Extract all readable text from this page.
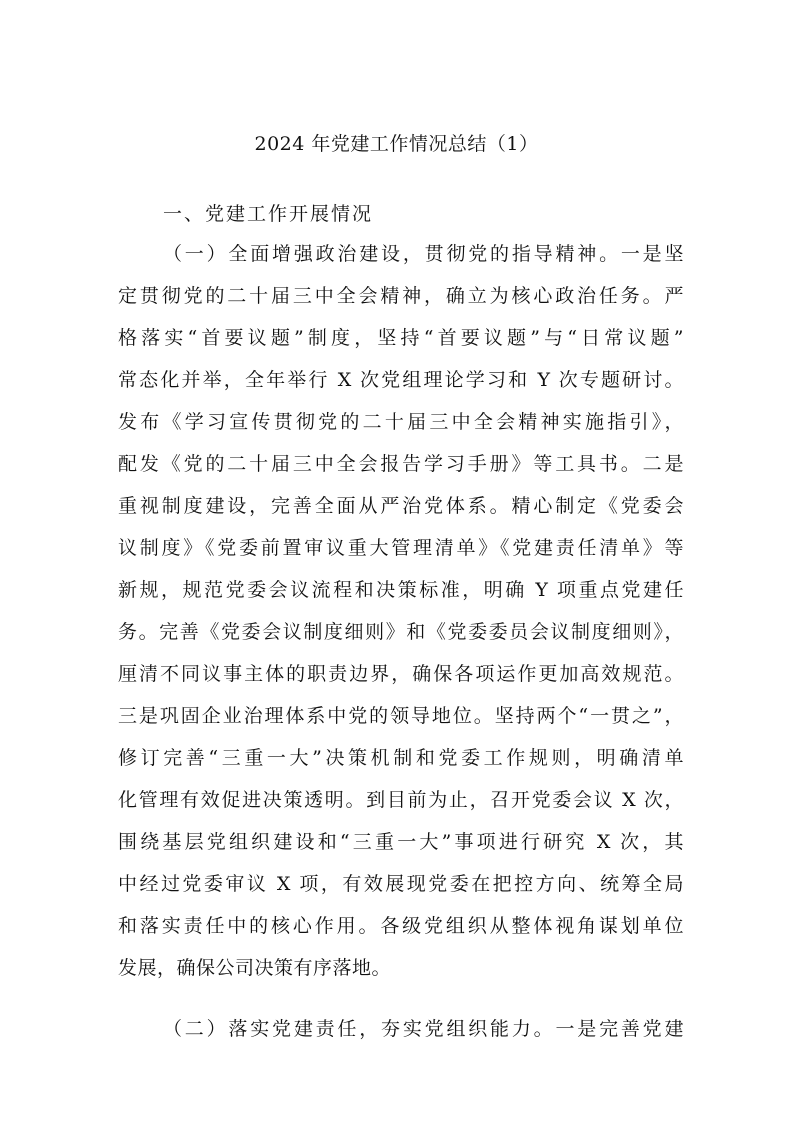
2024 年党建工作情况总结（1）
一、党建工作开展情况
（一）全面增强政治建设，贯彻党的指导精神。一是坚
定贯彻党的二十届三中全会精神，确立为核心政治任务。严
格落实“首要议题”制度，坚持“首要议题”与“日常议题”
常态化并举，全年举行 X 次党组理论学习和 Y 次专题研讨。
发布《学习宣传贯彻党的二十届三中全会精神实施指引》，
配发《党的二十届三中全会报告学习手册》等工具书。二是
重视制度建设，完善全面从严治党体系。精心制定《党委会
议制度》《党委前置审议重大管理清单》《党建责任清单》等
新规，规范党委会议流程和决策标准，明确 Y 项重点党建任
务。完善《党委会议制度细则》和《党委委员会议制度细则》，
厘清不同议事主体的职责边界，确保各项运作更加高效规范。
三是巩固企业治理体系中党的领导地位。坚持两个“一贯之”，
修订完善“三重一大”决策机制和党委工作规则，明确清单
化管理有效促进决策透明。到目前为止，召开党委会议 X 次，
围绕基层党组织建设和“三重一大”事项进行研究 X 次，其
中经过党委审议 X 项，有效展现党委在把控方向、统筹全局
和落实责任中的核心作用。各级党组织从整体视角谋划单位
发展，确保公司决策有序落地。
（二）落实党建责任，夯实党组织能力。一是完善党建
